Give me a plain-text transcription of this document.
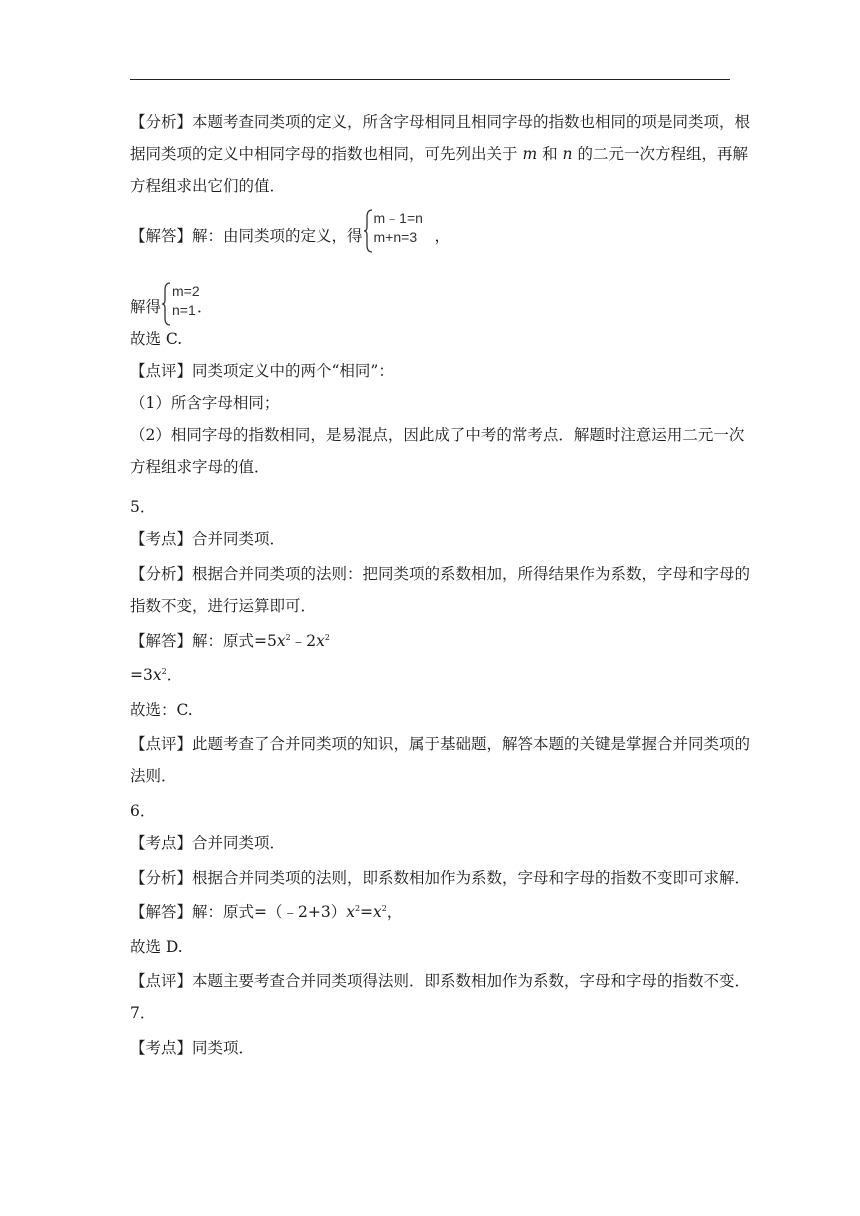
【分析】本题考查同类项的定义，所含字母相同且相同字母的指数也相同的项是同类项，根
据同类项的定义中相同字母的指数也相同，可先列出关于 m 和 n 的二元一次方程组，再解
方程组求出它们的值．
【解答】解：由同类项的定义，得
m﹣1=n
m+n=3	，
解得
m=2
n=1 ．
故选 C.
【点评】同类项定义中的两个“相同”：
（1）所含字母相同；
（2）相同字母的指数相同，是易混点，因此成了中考的常考点．解题时注意运用二元一次
方程组求字母的值．
5．
【考点】合并同类项．
【分析】根据合并同类项的法则：把同类项的系数相加，所得结果作为系数，字母和字母的
指数不变，进行运算即可．
【解答】解：原式$=5x^2﹣2x^2$
$=3x^2$．
故选：C.
【点评】此题考查了合并同类项的知识，属于基础题，解答本题的关键是掌握合并同类项的
法则．
6．
【考点】合并同类项．
【分析】根据合并同类项的法则，即系数相加作为系数，字母和字母的指数不变即可求解．
【解答】解：原式$=(﹣2+3)x^2=x^2$，
故选 D.
【点评】本题主要考查合并同类项得法则．即系数相加作为系数，字母和字母的指数不变．
7．
【考点】同类项．
